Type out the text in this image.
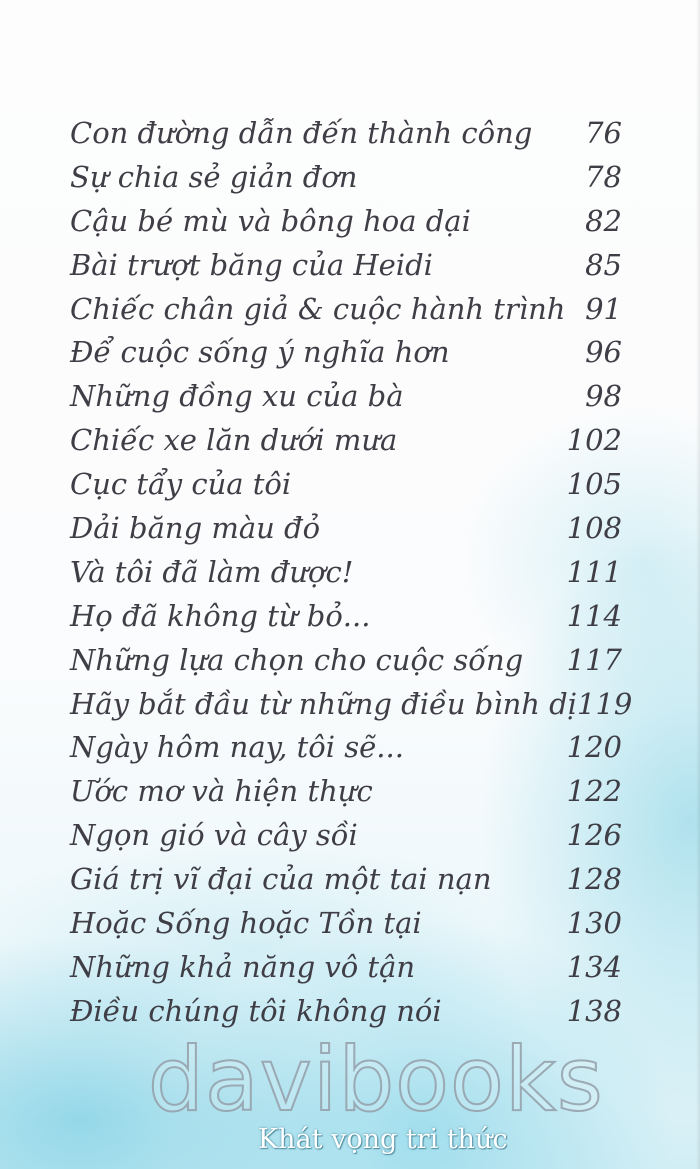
Con đường dẫn đến thành công 76
Sự chia sẻ giản đơn	78
Cậu bé mù và bông hoa dại	82
Bài trượt băng của Heidi	85
Chiếc chân giả & cuộc hành trình 91
Để cuộc sống ý nghĩa hơn	96
Những đồng xu của bà	98
Chiếc xe lăn dưới mưa	102
Cục tẩy của tôi	105
Dải băng màu đỏ	108
Và tôi đã làm được!	111
Họ đã không từ bỏ...	114
Những lựa chọn cho cuộc sống 117
Hãy bắt đầu từ những điều bình dị 119
Ngày hôm nay, tôi sẽ...	120
Ước mơ và hiện thực	122
Ngọn gió và cây sồi	126
Giá trị vĩ đại của một tai nạn	128
Hoặc Sống hoặc Tồn tại	130
Những khả năng vô tận	134
Điều chúng tôi không nói	138
davibooks
Khát vọng tri thức
